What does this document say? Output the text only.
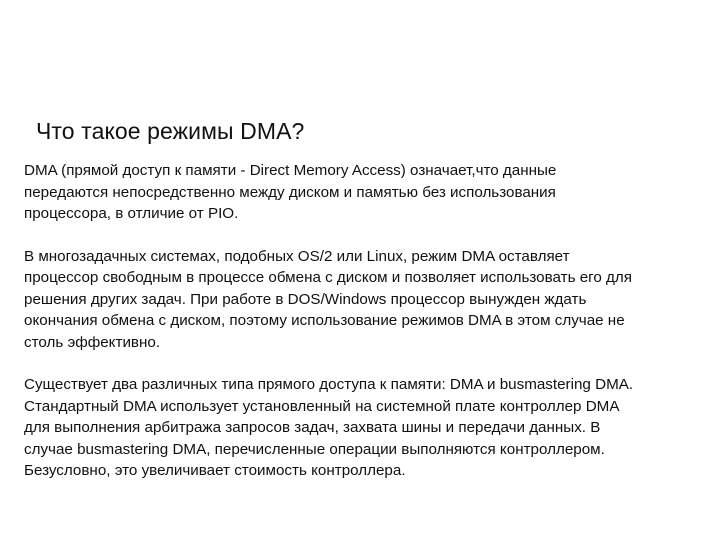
Что такое режимы DMA?

DMA (прямой доступ к памяти - Direct Memory Access) означает,что данные
передаются непосредственно между диском и памятью без использования
процессора, в отличие от PIO.

В многозадачных системах, подобных OS/2 или Linux, режим DMA оставляет
процессор свободным в процессе обмена с диском и позволяет использовать его для
решения других задач. При работе в DOS/Windows процессор вынужден ждать
окончания обмена с диском, поэтому использование режимов DMA в этом случае не
столь эффективно.

Существует два различных типа прямого доступа к памяти: DMA и busmastering DMA.
Стандартный DMA использует установленный на системной плате контроллер DMA
для выполнения арбитража запросов задач, захвата шины и передачи данных. В
случае busmastering DMA, перечисленные операции выполняются контроллером.
Безусловно, это увеличивает стоимость контроллера.
